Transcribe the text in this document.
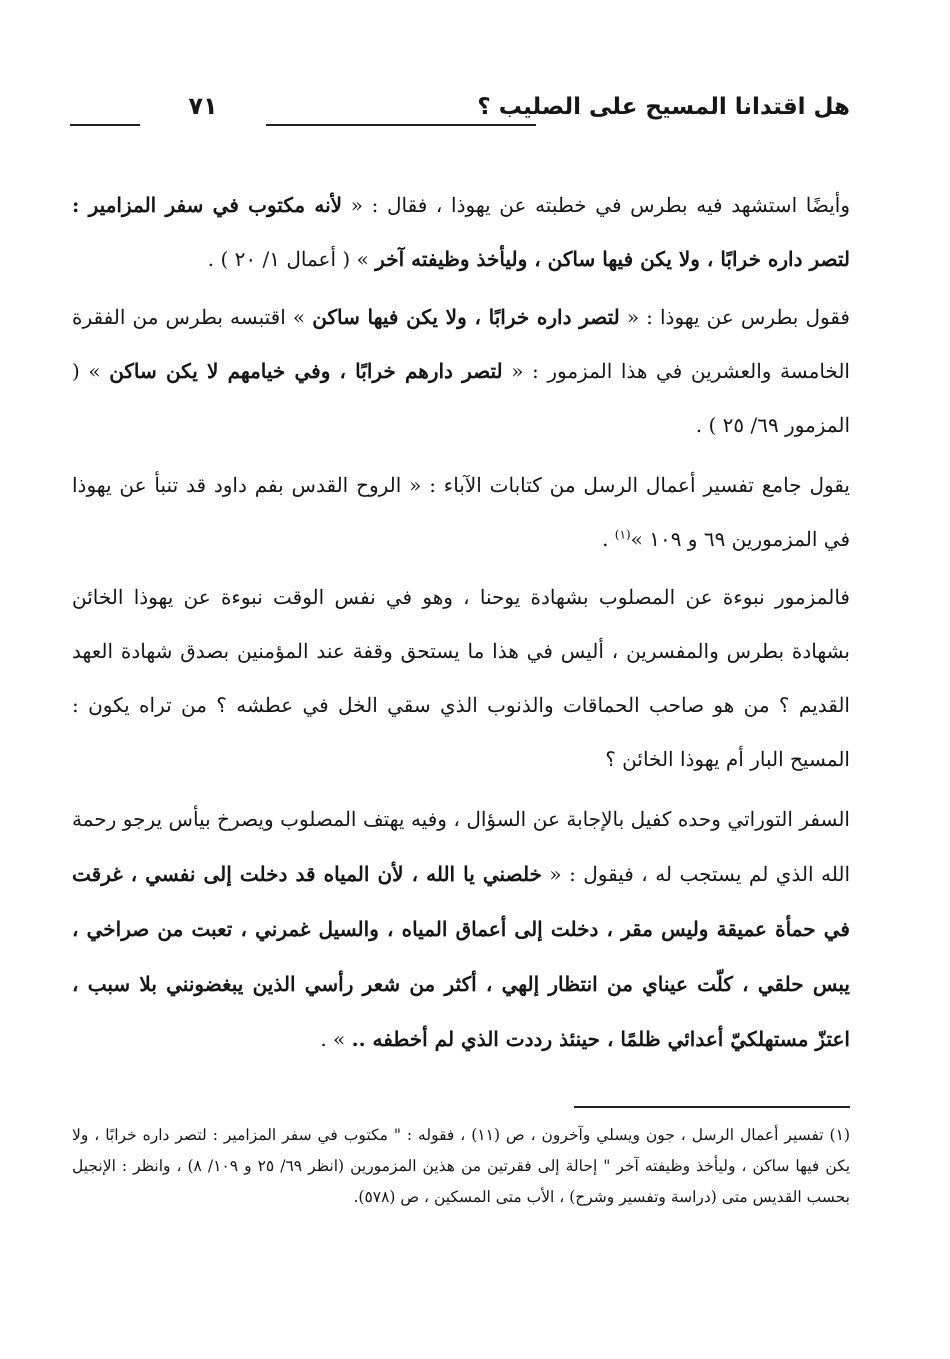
هل اقتدانا المسيح على الصليب ؟
٧١

وأيضًا استشهد فيه بطرس في خطبته عن يهوذا ، فقال : « لأنه مكتوب في سفر المزامير : لتصر داره خرابًا ، ولا يكن فيها ساكن ، وليأخذ وظيفته آخر » ( أعمال ١/ ٢٠ ) .

فقول بطرس عن يهوذا : « لتصر داره خرابًا ، ولا يكن فيها ساكن » اقتبسه بطرس من الفقرة الخامسة والعشرين في هذا المزمور : « لتصر دارهم خرابًا ، وفي خيامهم لا يكن ساكن » ( المزمور ٦٩/ ٢٥ ) .

يقول جامع تفسير أعمال الرسل من كتابات الآباء : « الروح القدس بفم داود قد تنبأ عن يهوذا في المزمورين ٦٩ و ١٠٩ »$^{(١)}$ .

فالمزمور نبوءة عن المصلوب بشهادة يوحنا ، وهو في نفس الوقت نبوءة عن يهوذا الخائن بشهادة بطرس والمفسرين ، أليس في هذا ما يستحق وقفة عند المؤمنين بصدق شهادة العهد القديم ؟ من هو صاحب الحماقات والذنوب الذي سقي الخل في عطشه ؟ من تراه يكون : المسيح البار أم يهوذا الخائن ؟

السفر التوراتي وحده كفيل بالإجابة عن السؤال ، وفيه يهتف المصلوب ويصرخ بيأس يرجو رحمة الله الذي لم يستجب له ، فيقول : « خلصني يا الله ، لأن المياه قد دخلت إلى نفسي ، غرقت في حمأة عميقة وليس مقر ، دخلت إلى أعماق المياه ، والسيل غمرني ، تعبت من صراخي ، يبس حلقي ، كلّت عيناي من انتظار إلهي ، أكثر من شعر رأسي الذين يبغضونني بلا سبب ، اعتزّ مستهلكيّ أعدائي ظلمًا ، حينئذ رددت الذي لم أخطفه .. » .

(١) تفسير أعمال الرسل ، جون ويسلي وآخرون ، ص (١١) ، فقوله : " مكتوب في سفر المزامير : لتصر داره خرابًا ، ولا يكن فيها ساكن ، وليأخذ وظيفته آخر " إحالة إلى فقرتين من هذين المزمورين (انظر ٦٩/ ٢٥ و ١٠٩/ ٨) ، وانظر : الإنجيل بحسب القديس متى (دراسة وتفسير وشرح) ، الأب متى المسكين ، ص (٥٧٨).
